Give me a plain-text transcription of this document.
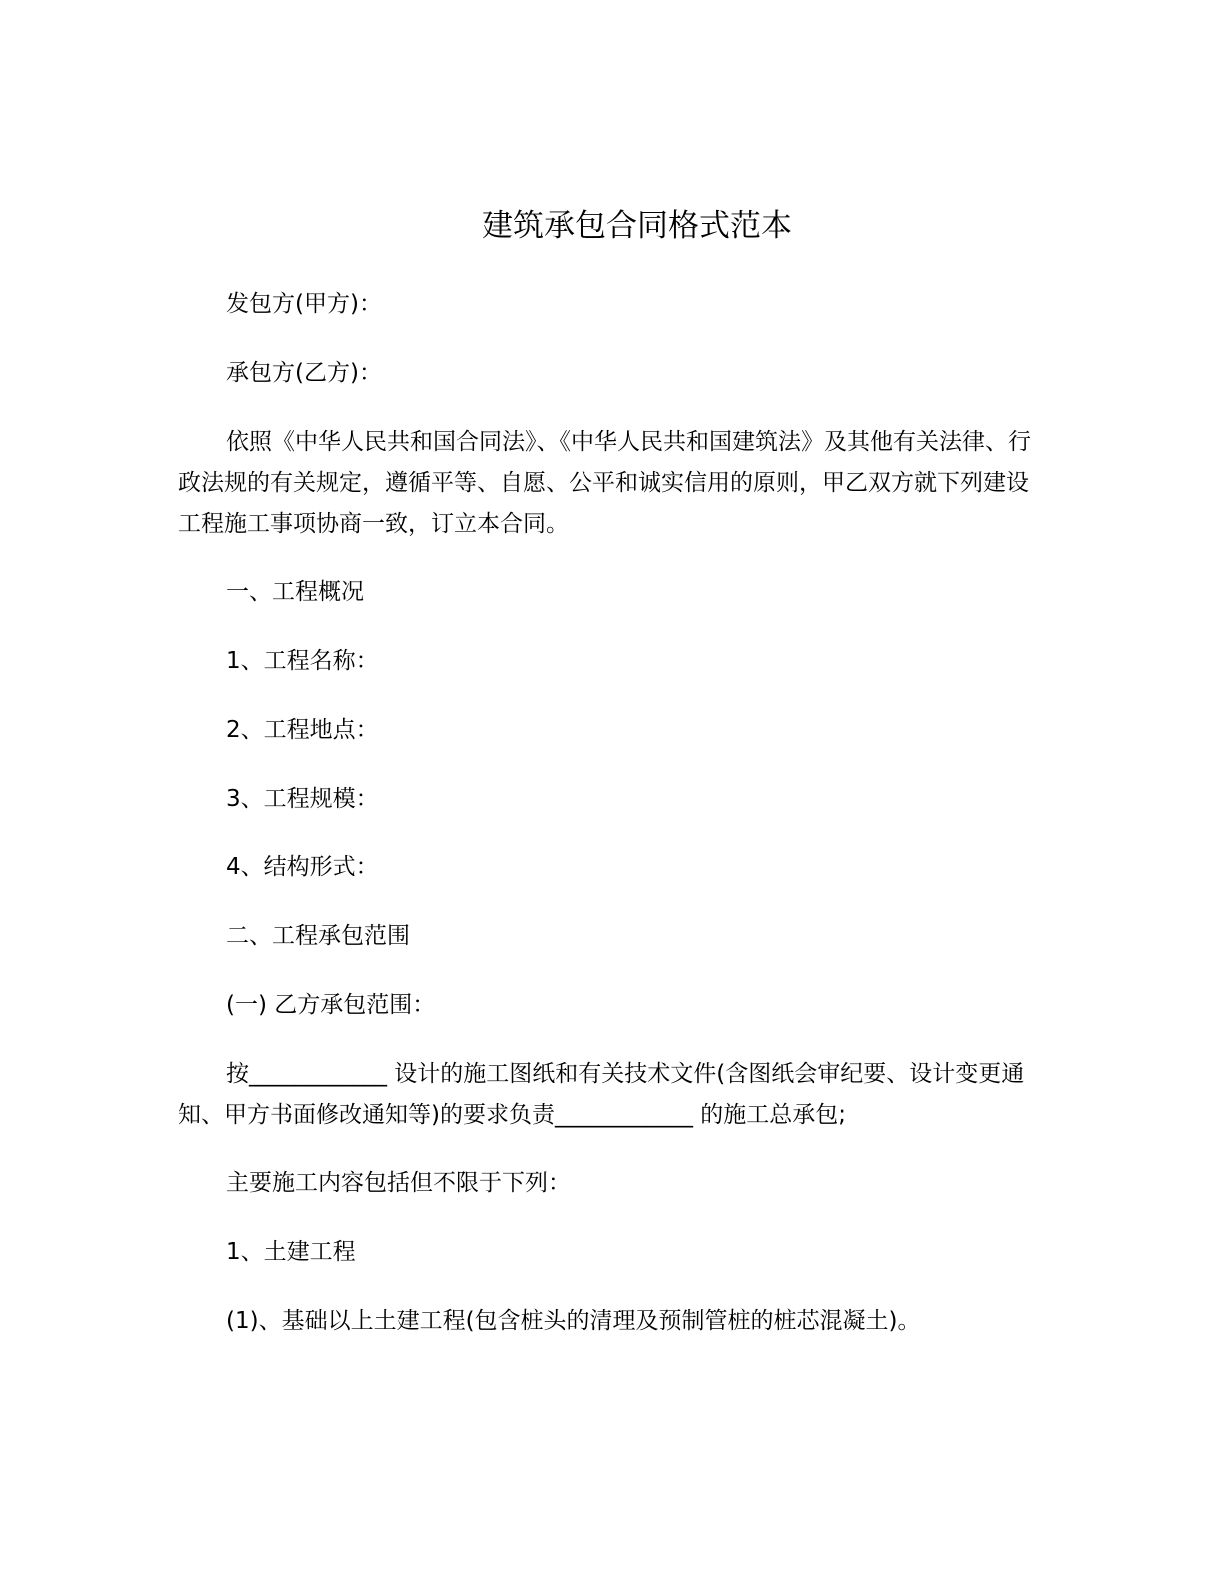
建筑承包合同格式范本

发包方(甲方)：

承包方(乙方)：

依照《中华人民共和国合同法》、《中华人民共和国建筑法》及其他有关法律、行政法规的有关规定，遵循平等、自愿、公平和诚实信用的原则，甲乙双方就下列建设工程施工事项协商一致，订立本合同。

一、工程概况

1、工程名称：

2、工程地点：

3、工程规模：

4、结构形式：

二、工程承包范围

(一) 乙方承包范围：

按____________ 设计的施工图纸和有关技术文件(含图纸会审纪要、设计变更通知、甲方书面修改通知等)的要求负责____________ 的施工总承包;

主要施工内容包括但不限于下列：

1、土建工程

(1)、基础以上土建工程(包含桩头的清理及预制管桩的桩芯混凝土)。
